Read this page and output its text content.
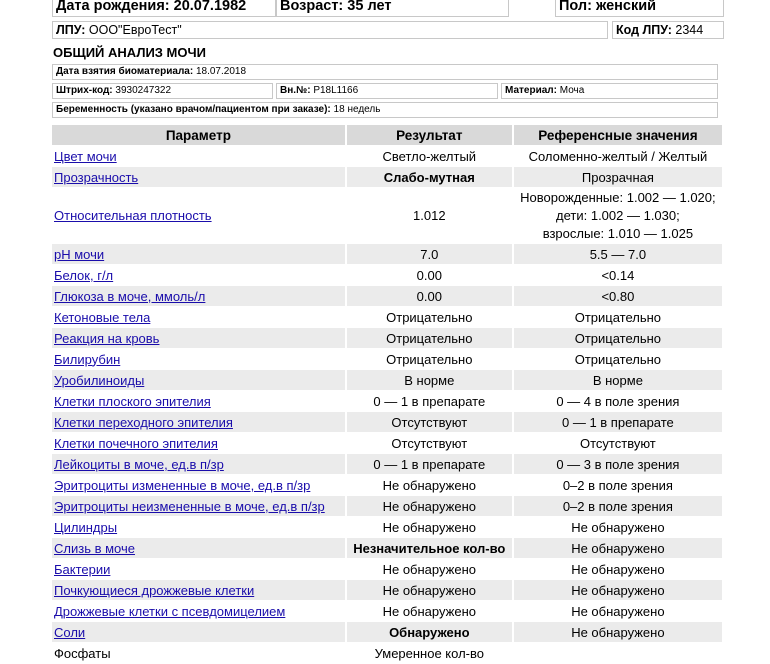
Дата рождения: 20.07.1982	Возраст: 35 лет	Пол: женский
ЛПУ: ООО"ЕвроТест"	Код ЛПУ: 2344
ОБЩИЙ АНАЛИЗ МОЧИ
Дата взятия биоматериала: 18.07.2018
Штрих-код: 3930247322	Вн.№: P18L1166	Материал: Моча
Беременность (указано врачом/пациентом при заказе): 18 недель
Параметр	Результат	Референсные значения
Цвет мочи	Светло-желтый	Соломенно-желтый / Желтый
Прозрачность	Слабо-мутная	Прозрачная
Относительная плотность	1.012	Новорожденные: 1.002 — 1.020;
дети: 1.002 — 1.030;
взрослые: 1.010 — 1.025

pH мочи	7.0	5.5 — 7.0
Белок, г/л	0.00	<0.14
Глюкоза в моче, ммоль/л	0.00	<0.80
Кетоновые тела	Отрицательно	Отрицательно
Реакция на кровь	Отрицательно	Отрицательно
Билирубин	Отрицательно	Отрицательно
Уробилиноиды	В норме	В норме
Клетки плоского эпителия	0 — 1 в препарате	0 — 4 в поле зрения
Клетки переходного эпителия	Отсутствуют	0 — 1 в препарате
Клетки почечного эпителия	Отсутствуют	Отсутствуют
Лейкоциты в моче, ед.в п/зр	0 — 1 в препарате	0 — 3 в поле зрения
Эритроциты измененные в моче, ед.в п/зр	Не обнаружено	0–2 в поле зрения
Эритроциты неизмененные в моче, ед.в п/зр	Не обнаружено	0–2 в поле зрения
Цилиндры	Не обнаружено	Не обнаружено
Слизь в моче	Незначительное кол-во	Не обнаружено
Бактерии	Не обнаружено	Не обнаружено
Почкующиеся дрожжевые клетки	Не обнаружено	Не обнаружено
Дрожжевые клетки с псевдомицелием	Не обнаружено	Не обнаружено
Соли	Обнаружено	Не обнаружено
Фосфаты	Умеренное кол-во	
